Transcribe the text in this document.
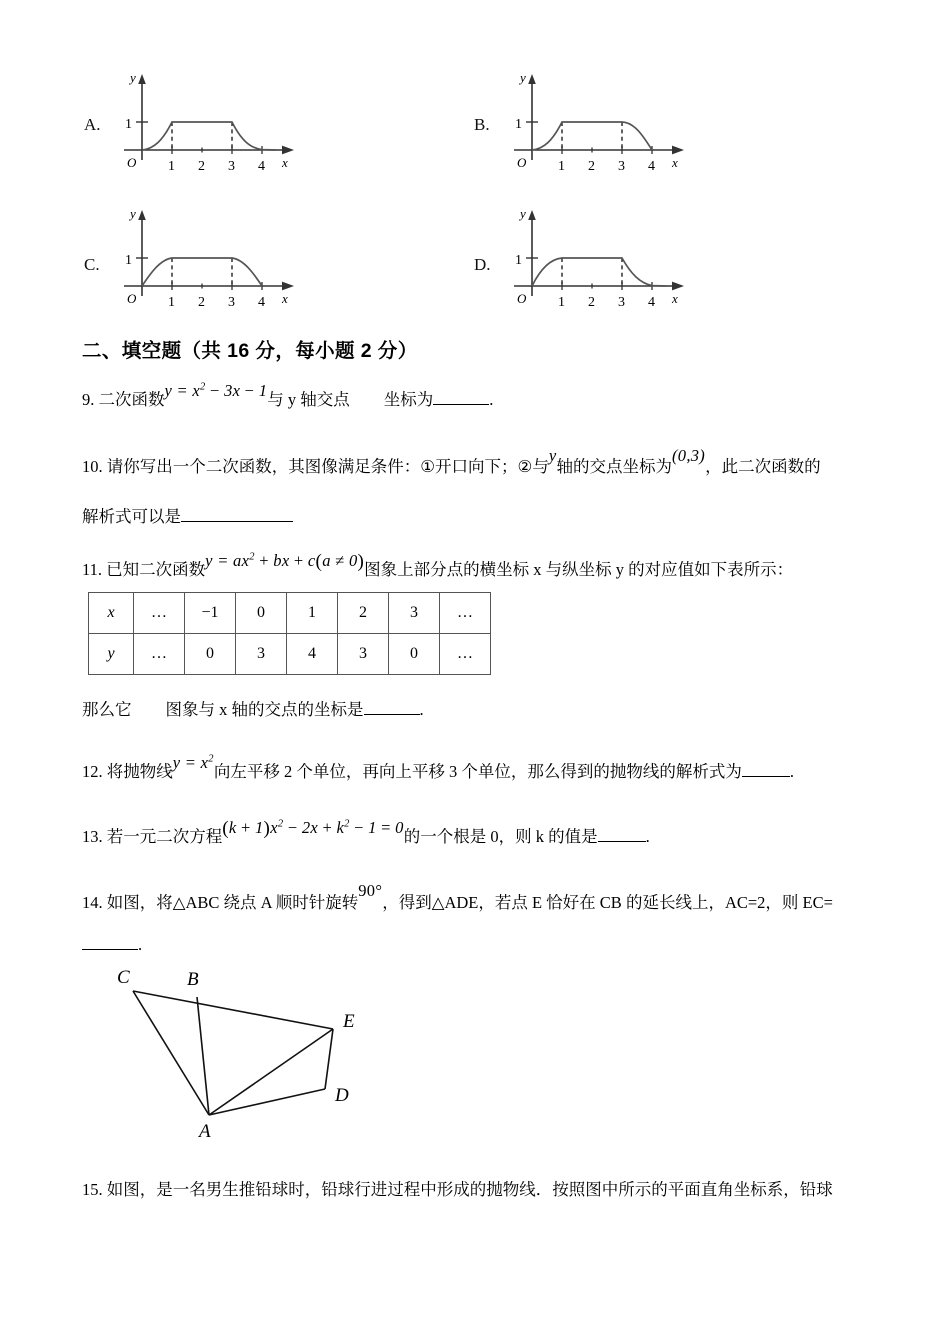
A.
y
x
O
1
1 2 3 4
B.
y
x
O
1
1 2 3 4
C.
y
x
O
1
1 2 3 4
D.
y
x
O
1
1 2 3 4
二、填空题（共 16 分，每小题 2 分）
9. 二次函数$y = x^2 - 3x - 1$与 y 轴交点 坐标为	.
10. 请你写出一个二次函数，其图像满足条件：①开口向下；②与y轴的交点坐标为(0,3)，此二次函数的
解析式可以是
11. 已知二次函数$y = ax^2$ + bx + c(a ≠ 0)图象上部分点的横坐标 x 与纵坐标 y 的对应值如下表所示：
x	…	−1	0	1	2	3	…
y	…	0	3	4	3	0	…
那么它 图象与 x 轴的交点的坐标是	.
12. 将抛物线$y = x^2$向左平移 2 个单位，再向上平移 3 个单位，那么得到的抛物线的解析式为	.
13. 若一元二次方程$(k + 1)x^2 - 2x + k^2 - 1 = 0$的一个根是 0，则 k 的值是	.
14. 如图，将△ABC 绕点 A 顺时针旋转90°，得到△ADE，若点 E 恰好在 CB 的延长线上，AC=2，则 EC=
.
C	B
E
D
A
15. 如图，是一名男生推铅球时，铅球行进过程中形成的抛物线．按照图中所示的平面直角坐标系，铅球
